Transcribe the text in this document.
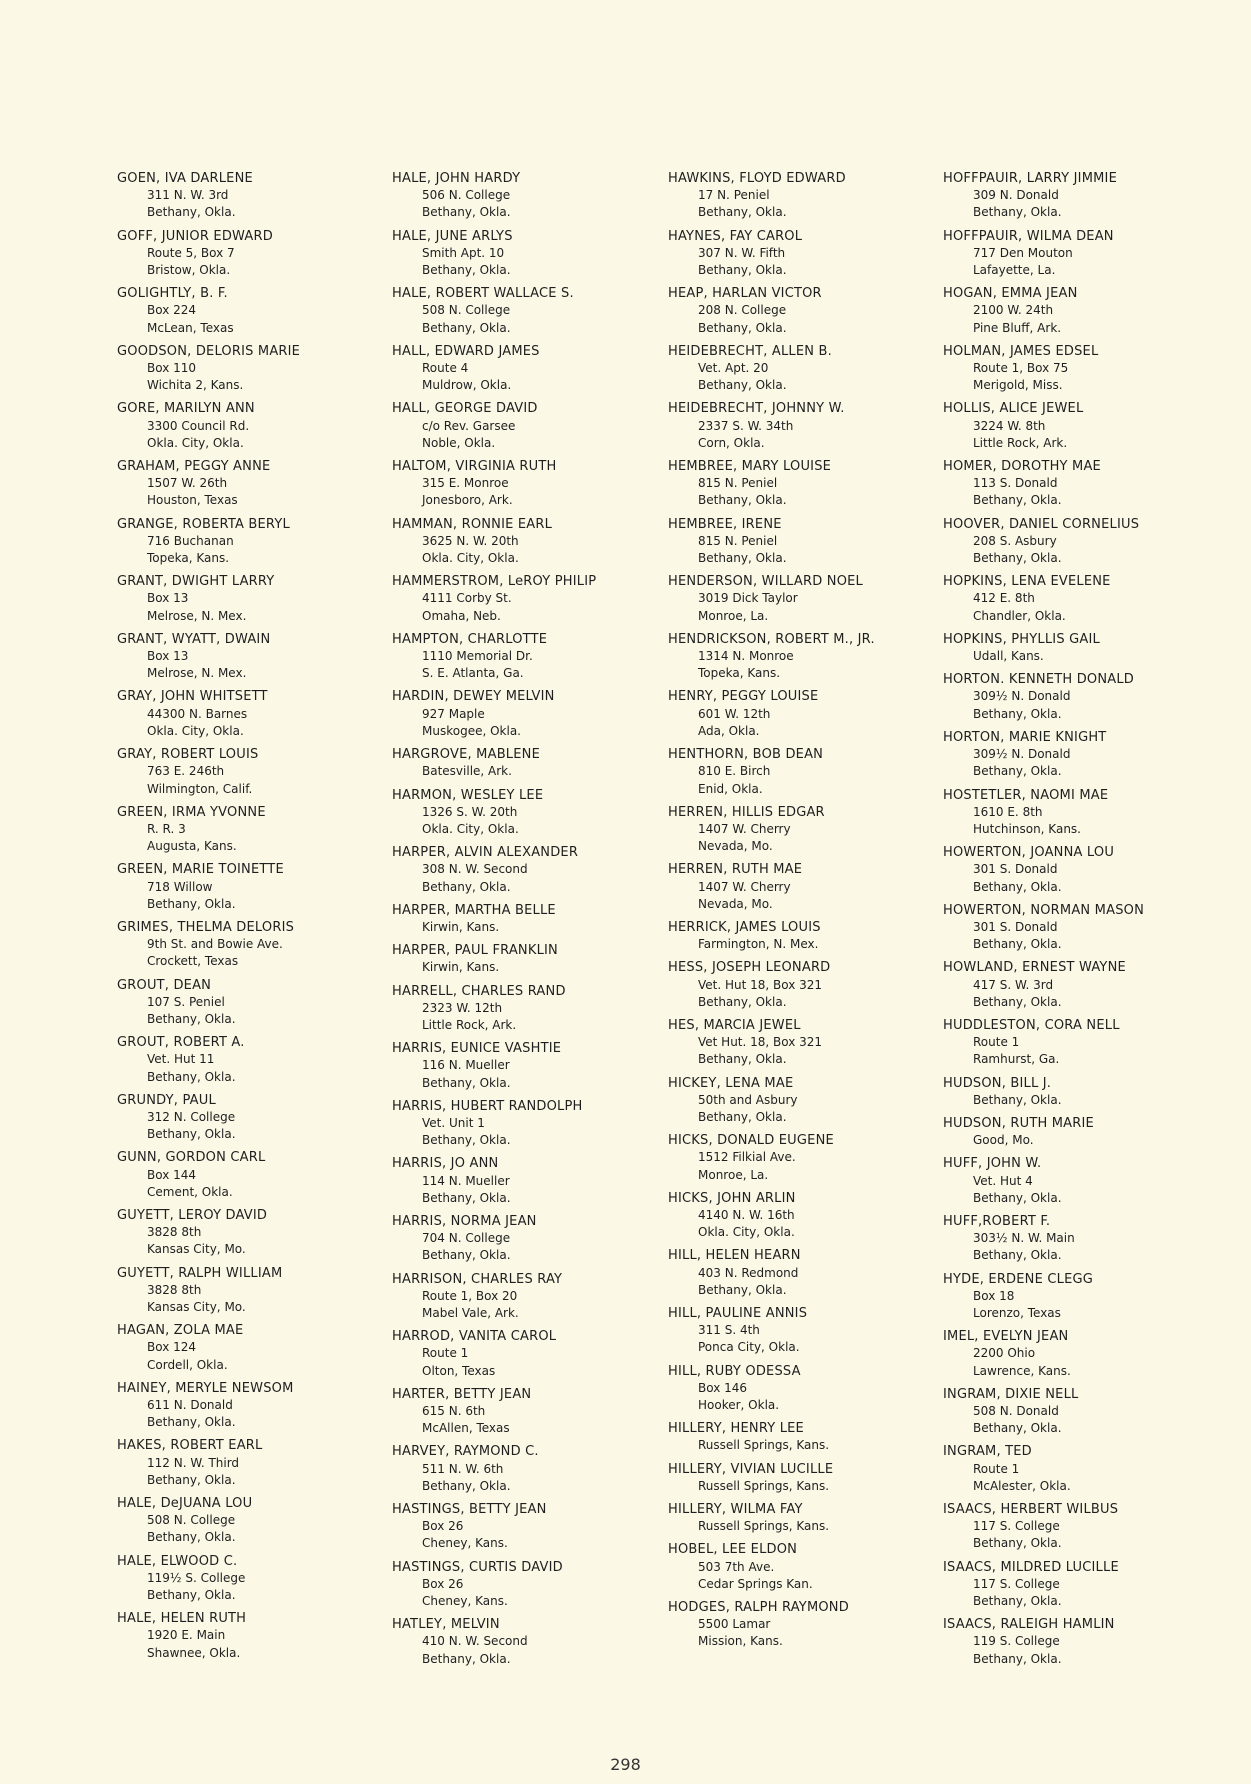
GOEN, IVA DARLENE
311 N. W. 3rd
Bethany, Okla.
GOFF, JUNIOR EDWARD
Route 5, Box 7
Bristow, Okla.
GOLIGHTLY, B. F.
Box 224
McLean, Texas
GOODSON, DELORIS MARIE
Box 110
Wichita 2, Kans.
GORE, MARILYN ANN
3300 Council Rd.
Okla. City, Okla.
GRAHAM, PEGGY ANNE
1507 W. 26th
Houston, Texas
GRANGE, ROBERTA BERYL
716 Buchanan
Topeka, Kans.
GRANT, DWIGHT LARRY
Box 13
Melrose, N. Mex.
GRANT, WYATT, DWAIN
Box 13
Melrose, N. Mex.
GRAY, JOHN WHITSETT
44300 N. Barnes
Okla. City, Okla.
GRAY, ROBERT LOUIS
763 E. 246th
Wilmington, Calif.
GREEN, IRMA YVONNE
R. R. 3
Augusta, Kans.
GREEN, MARIE TOINETTE
718 Willow
Bethany, Okla.
GRIMES, THELMA DELORIS
9th St. and Bowie Ave.
Crockett, Texas
GROUT, DEAN
107 S. Peniel
Bethany, Okla.
GROUT, ROBERT A.
Vet. Hut 11
Bethany, Okla.
GRUNDY, PAUL
312 N. College
Bethany, Okla.
GUNN, GORDON CARL
Box 144
Cement, Okla.
GUYETT, LEROY DAVID
3828 8th
Kansas City, Mo.
GUYETT, RALPH WILLIAM
3828 8th
Kansas City, Mo.
HAGAN, ZOLA MAE
Box 124
Cordell, Okla.
HAINEY, MERYLE NEWSOM
611 N. Donald
Bethany, Okla.
HAKES, ROBERT EARL
112 N. W. Third
Bethany, Okla.
HALE, DeJUANA LOU
508 N. College
Bethany, Okla.
HALE, ELWOOD C.
119½ S. College
Bethany, Okla.
HALE, HELEN RUTH
1920 E. Main
Shawnee, Okla.
HALE, JOHN HARDY
506 N. College
Bethany, Okla.
HALE, JUNE ARLYS
Smith Apt. 10
Bethany, Okla.
HALE, ROBERT WALLACE S.
508 N. College
Bethany, Okla.
HALL, EDWARD JAMES
Route 4
Muldrow, Okla.
HALL, GEORGE DAVID
c/o Rev. Garsee
Noble, Okla.
HALTOM, VIRGINIA RUTH
315 E. Monroe
Jonesboro, Ark.
HAMMAN, RONNIE EARL
3625 N. W. 20th
Okla. City, Okla.
HAMMERSTROM, LeROY PHILIP
4111 Corby St.
Omaha, Neb.
HAMPTON, CHARLOTTE
1110 Memorial Dr.
S. E. Atlanta, Ga.
HARDIN, DEWEY MELVIN
927 Maple
Muskogee, Okla.
HARGROVE, MABLENE
Batesville, Ark.
HARMON, WESLEY LEE
1326 S. W. 20th
Okla. City, Okla.
HARPER, ALVIN ALEXANDER
308 N. W. Second
Bethany, Okla.
HARPER, MARTHA BELLE
Kirwin, Kans.
HARPER, PAUL FRANKLIN
Kirwin, Kans.
HARRELL, CHARLES RAND
2323 W. 12th
Little Rock, Ark.
HARRIS, EUNICE VASHTIE
116 N. Mueller
Bethany, Okla.
HARRIS, HUBERT RANDOLPH
Vet. Unit 1
Bethany, Okla.
HARRIS, JO ANN
114 N. Mueller
Bethany, Okla.
HARRIS, NORMA JEAN
704 N. College
Bethany, Okla.
HARRISON, CHARLES RAY
Route 1, Box 20
Mabel Vale, Ark.
HARROD, VANITA CAROL
Route 1
Olton, Texas
HARTER, BETTY JEAN
615 N. 6th
McAllen, Texas
HARVEY, RAYMOND C.
511 N. W. 6th
Bethany, Okla.
HASTINGS, BETTY JEAN
Box 26
Cheney, Kans.
HASTINGS, CURTIS DAVID
Box 26
Cheney, Kans.
HATLEY, MELVIN
410 N. W. Second
Bethany, Okla.
HAWKINS, FLOYD EDWARD
17 N. Peniel
Bethany, Okla.
HAYNES, FAY CAROL
307 N. W. Fifth
Bethany, Okla.
HEAP, HARLAN VICTOR
208 N. College
Bethany, Okla.
HEIDEBRECHT, ALLEN B.
Vet. Apt. 20
Bethany, Okla.
HEIDEBRECHT, JOHNNY W.
2337 S. W. 34th
Corn, Okla.
HEMBREE, MARY LOUISE
815 N. Peniel
Bethany, Okla.
HEMBREE, IRENE
815 N. Peniel
Bethany, Okla.
HENDERSON, WILLARD NOEL
3019 Dick Taylor
Monroe, La.
HENDRICKSON, ROBERT M., JR.
1314 N. Monroe
Topeka, Kans.
HENRY, PEGGY LOUISE
601 W. 12th
Ada, Okla.
HENTHORN, BOB DEAN
810 E. Birch
Enid, Okla.
HERREN, HILLIS EDGAR
1407 W. Cherry
Nevada, Mo.
HERREN, RUTH MAE
1407 W. Cherry
Nevada, Mo.
HERRICK, JAMES LOUIS
Farmington, N. Mex.
HESS, JOSEPH LEONARD
Vet. Hut 18, Box 321
Bethany, Okla.
HES, MARCIA JEWEL
Vet Hut. 18, Box 321
Bethany, Okla.
HICKEY, LENA MAE
50th and Asbury
Bethany, Okla.
HICKS, DONALD EUGENE
1512 Filkial Ave.
Monroe, La.
HICKS, JOHN ARLIN
4140 N. W. 16th
Okla. City, Okla.
HILL, HELEN HEARN
403 N. Redmond
Bethany, Okla.
HILL, PAULINE ANNIS
311 S. 4th
Ponca City, Okla.
HILL, RUBY ODESSA
Box 146
Hooker, Okla.
HILLERY, HENRY LEE
Russell Springs, Kans.
HILLERY, VIVIAN LUCILLE
Russell Springs, Kans.
HILLERY, WILMA FAY
Russell Springs, Kans.
HOBEL, LEE ELDON
503 7th Ave.
Cedar Springs Kan.
HODGES, RALPH RAYMOND
5500 Lamar
Mission, Kans.
HOFFPAUIR, LARRY JIMMIE
309 N. Donald
Bethany, Okla.
HOFFPAUIR, WILMA DEAN
717 Den Mouton
Lafayette, La.
HOGAN, EMMA JEAN
2100 W. 24th
Pine Bluff, Ark.
HOLMAN, JAMES EDSEL
Route 1, Box 75
Merigold, Miss.
HOLLIS, ALICE JEWEL
3224 W. 8th
Little Rock, Ark.
HOMER, DOROTHY MAE
113 S. Donald
Bethany, Okla.
HOOVER, DANIEL CORNELIUS
208 S. Asbury
Bethany, Okla.
HOPKINS, LENA EVELENE
412 E. 8th
Chandler, Okla.
HOPKINS, PHYLLIS GAIL
Udall, Kans.
HORTON. KENNETH DONALD
309½ N. Donald
Bethany, Okla.
HORTON, MARIE KNIGHT
309½ N. Donald
Bethany, Okla.
HOSTETLER, NAOMI MAE
1610 E. 8th
Hutchinson, Kans.
HOWERTON, JOANNA LOU
301 S. Donald
Bethany, Okla.
HOWERTON, NORMAN MASON
301 S. Donald
Bethany, Okla.
HOWLAND, ERNEST WAYNE
417 S. W. 3rd
Bethany, Okla.
HUDDLESTON, CORA NELL
Route 1
Ramhurst, Ga.
HUDSON, BILL J.
Bethany, Okla.
HUDSON, RUTH MARIE
Good, Mo.
HUFF, JOHN W.
Vet. Hut 4
Bethany, Okla.
HUFF,ROBERT F.
303½ N. W. Main
Bethany, Okla.
HYDE, ERDENE CLEGG
Box 18
Lorenzo, Texas
IMEL, EVELYN JEAN
2200 Ohio
Lawrence, Kans.
INGRAM, DIXIE NELL
508 N. Donald
Bethany, Okla.
INGRAM, TED
Route 1
McAlester, Okla.
ISAACS, HERBERT WILBUS
117 S. College
Bethany, Okla.
ISAACS, MILDRED LUCILLE
117 S. College
Bethany, Okla.
ISAACS, RALEIGH HAMLIN
119 S. College
Bethany, Okla.
298
